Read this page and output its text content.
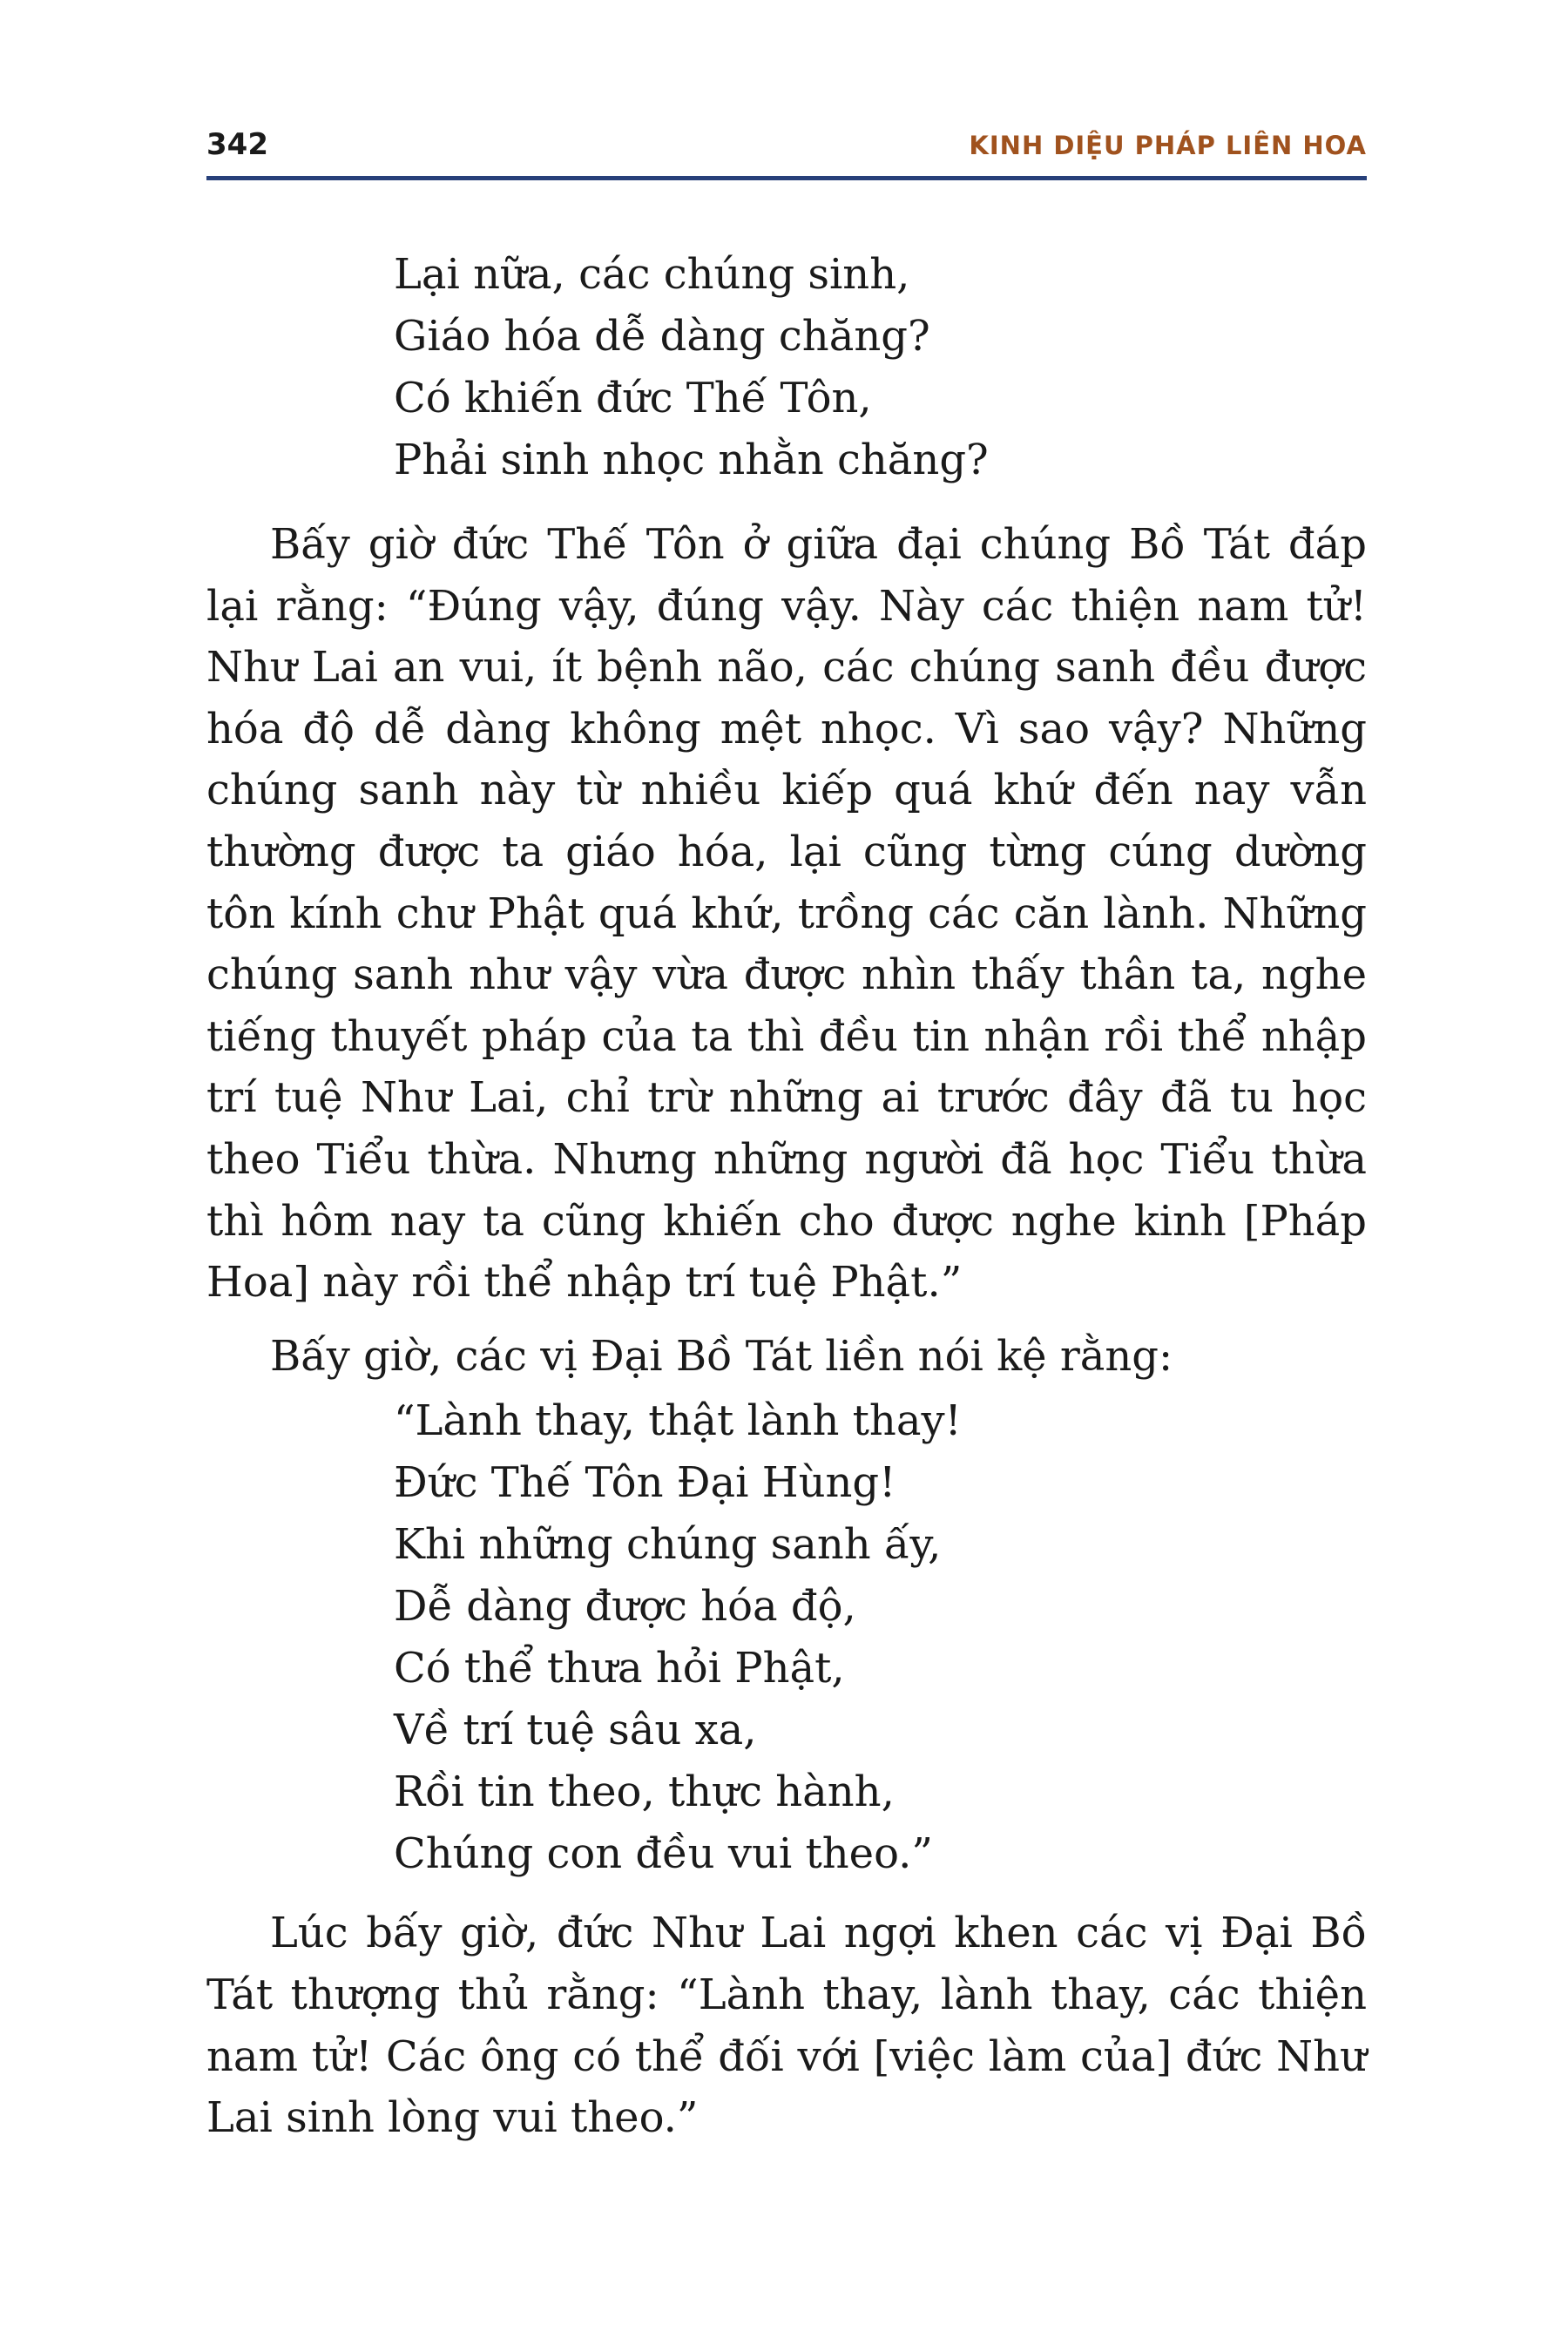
342	KINH DIỆU PHÁP LIÊN HOA
Lại nữa, các chúng sinh,
Giáo hóa dễ dàng chăng?
Có khiến đức Thế Tôn,
Phải sinh nhọc nhằn chăng?

Bấy giờ đức Thế Tôn ở giữa đại chúng Bồ Tát đáp lại rằng: “Đúng vậy, đúng vậy. Này các thiện nam tử! Như Lai an vui, ít bệnh não, các chúng sanh đều được hóa độ dễ dàng không mệt nhọc. Vì sao vậy? Những chúng sanh này từ nhiều kiếp quá khứ đến nay vẫn thường được ta giáo hóa, lại cũng từng cúng dường tôn kính chư Phật quá khứ, trồng các căn lành. Những chúng sanh như vậy vừa được nhìn thấy thân ta, nghe tiếng thuyết pháp của ta thì đều tin nhận rồi thể nhập trí tuệ Như Lai, chỉ trừ những ai trước đây đã tu học theo Tiểu thừa. Nhưng những người đã học Tiểu thừa thì hôm nay ta cũng khiến cho được nghe kinh [Pháp Hoa] này rồi thể nhập trí tuệ Phật.”

Bấy giờ, các vị Đại Bồ Tát liền nói kệ rằng:

“Lành thay, thật lành thay!
Đức Thế Tôn Đại Hùng!
Khi những chúng sanh ấy,
Dễ dàng được hóa độ,
Có thể thưa hỏi Phật,
Về trí tuệ sâu xa,
Rồi tin theo, thực hành,
Chúng con đều vui theo.”

Lúc bấy giờ, đức Như Lai ngợi khen các vị Đại Bồ Tát thượng thủ rằng: “Lành thay, lành thay, các thiện nam tử! Các ông có thể đối với [việc làm của] đức Như Lai sinh lòng vui theo.”
